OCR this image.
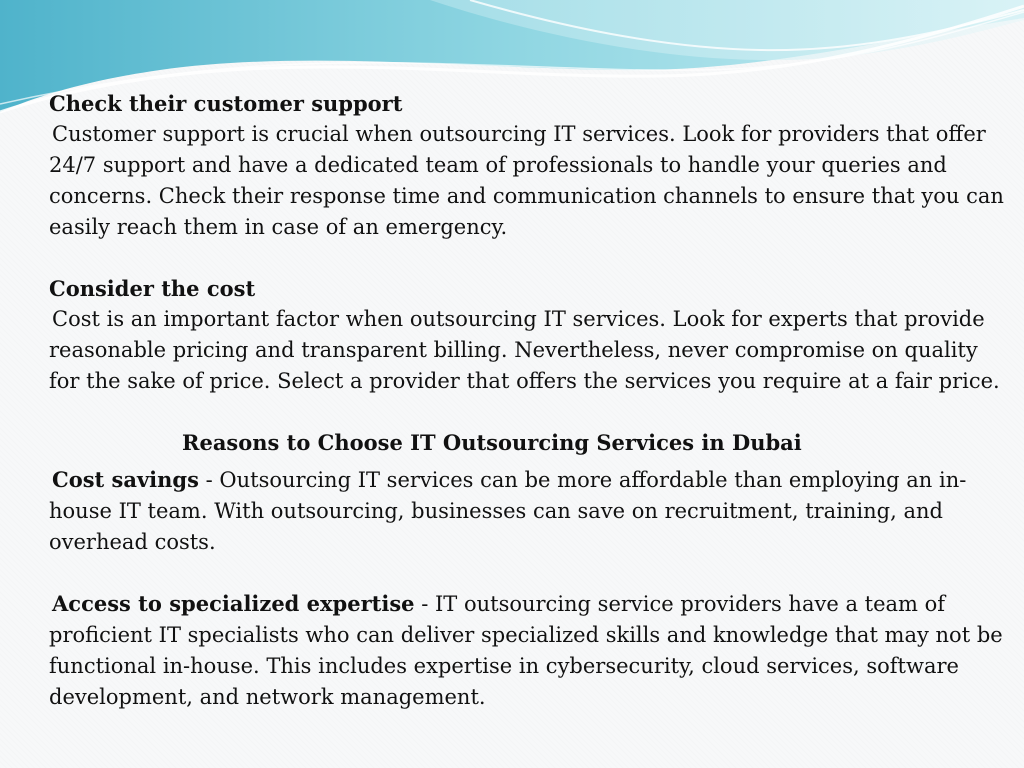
Check their customer support

Customer support is crucial when outsourcing IT services. Look for providers that offer 24/7 support and have a dedicated team of professionals to handle your queries and concerns. Check their response time and communication channels to ensure that you can easily reach them in case of an emergency.

Consider the cost

Cost is an important factor when outsourcing IT services. Look for experts that provide reasonable pricing and transparent billing. Nevertheless, never compromise on quality for the sake of price. Select a provider that offers the services you require at a fair price.

Reasons to Choose IT Outsourcing Services in Dubai

Cost savings - Outsourcing IT services can be more affordable than employing an in-house IT team. With outsourcing, businesses can save on recruitment, training, and overhead costs.

Access to specialized expertise - IT outsourcing service providers have a team of proficient IT specialists who can deliver specialized skills and knowledge that may not be functional in-house. This includes expertise in cybersecurity, cloud services, software development, and network management.
